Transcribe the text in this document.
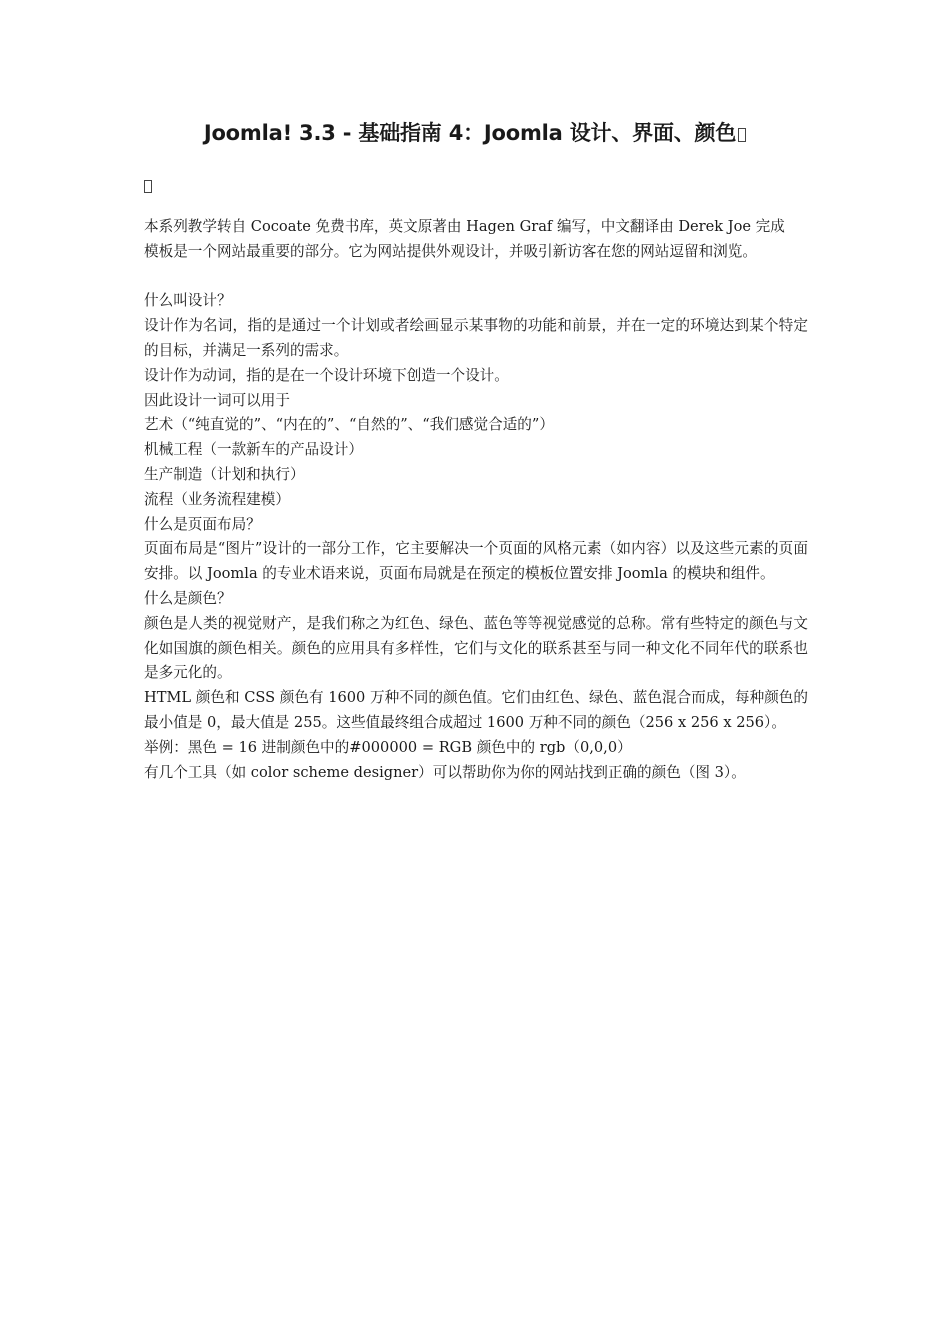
Joomla! 3.3 - 基础指南 4：Joomla 设计、界面、颜色

本系列教学转自 Cocoate 免费书库，英文原著由 Hagen Graf 编写，中文翻译由 Derek Joe 完成

模板是一个网站最重要的部分。它为网站提供外观设计，并吸引新访客在您的网站逗留和浏览。

什么叫设计？

设计作为名词，指的是通过一个计划或者绘画显示某事物的功能和前景，并在一定的环境达到某个特定的目标，并满足一系列的需求。

设计作为动词，指的是在一个设计环境下创造一个设计。

因此设计一词可以用于

艺术（“纯直觉的”、“内在的”、“自然的”、“我们感觉合适的”）

机械工程（一款新车的产品设计）

生产制造（计划和执行）

流程（业务流程建模）

什么是页面布局？

页面布局是“图片”设计的一部分工作，它主要解决一个页面的风格元素（如内容）以及这些元素的页面安排。以 Joomla 的专业术语来说，页面布局就是在预定的模板位置安排 Joomla 的模块和组件。

什么是颜色？

颜色是人类的视觉财产，是我们称之为红色、绿色、蓝色等等视觉感觉的总称。常有些特定的颜色与文化如国旗的颜色相关。颜色的应用具有多样性，它们与文化的联系甚至与同一种文化不同年代的联系也是多元化的。

HTML 颜色和 CSS 颜色有 1600 万种不同的颜色值。它们由红色、绿色、蓝色混合而成，每种颜色的最小值是 0，最大值是 255。这些值最终组合成超过 1600 万种不同的颜色（256 x 256 x 256）。

举例：黑色 = 16 进制颜色中的#000000 = RGB 颜色中的 rgb（0,0,0）

有几个工具（如 color scheme designer）可以帮助你为你的网站找到正确的颜色（图 3）。
